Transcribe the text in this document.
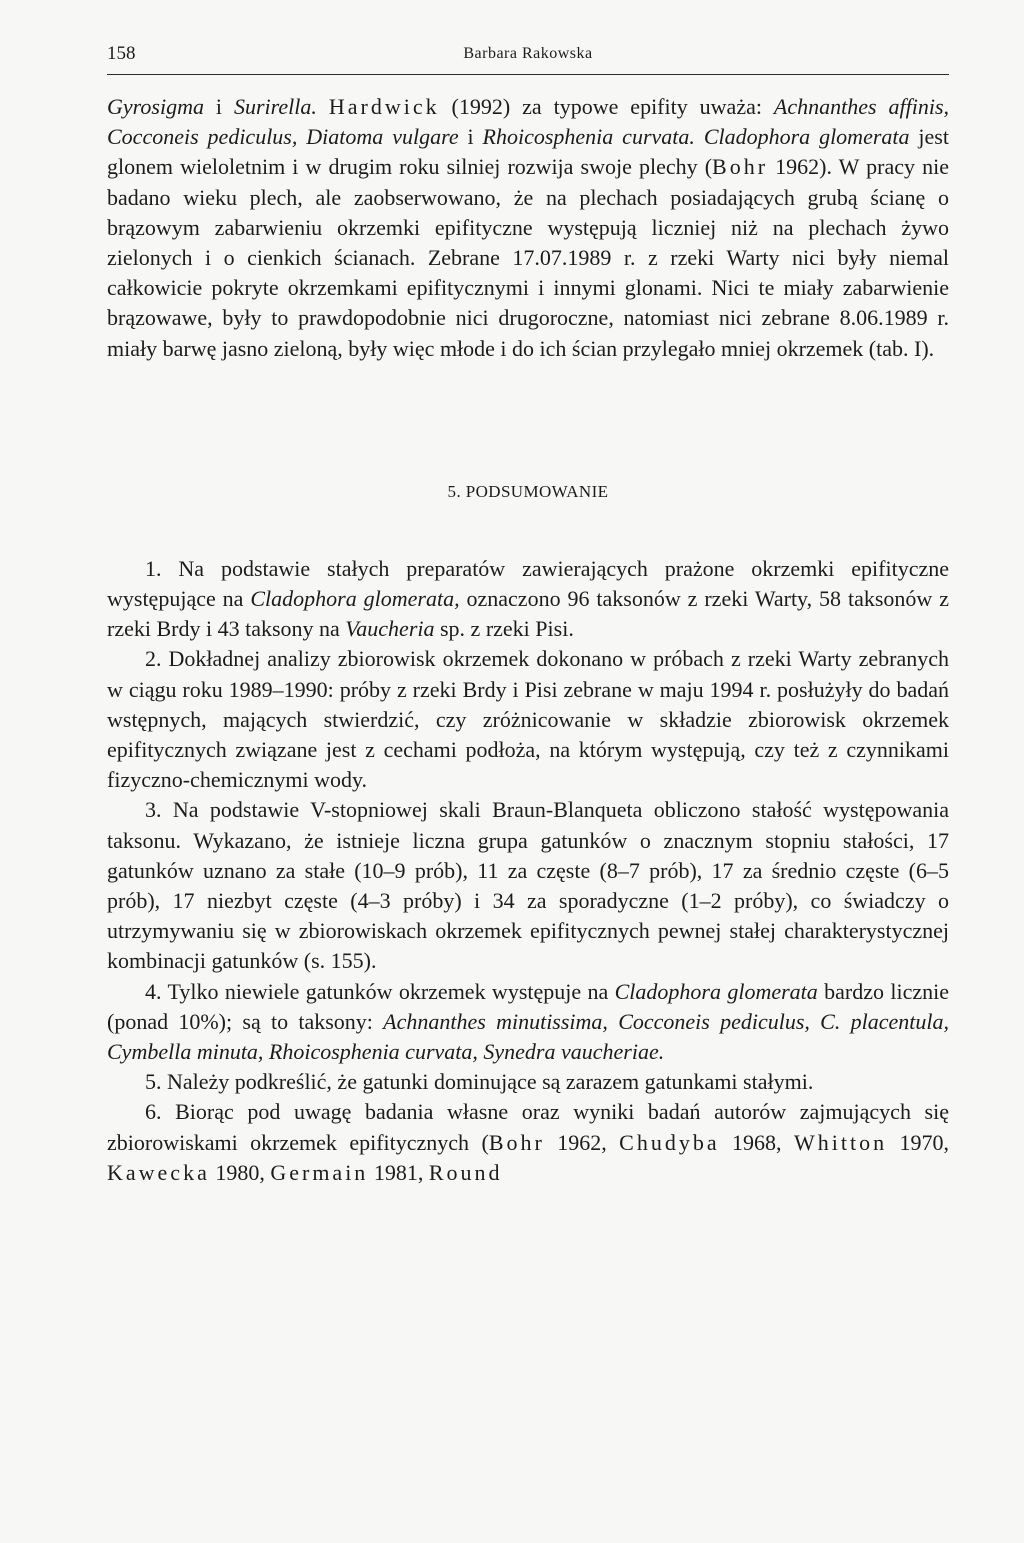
158	Barbara Rakowska

Gyrosigma i Surirella. Hardwick (1992) za typowe epifity uważa: Achnanthes affinis, Cocconeis pediculus, Diatoma vulgare i Rhoicosphenia curvata. Cladophora glomerata jest glonem wieloletnim i w drugim roku silniej rozwija swoje plechy (Bohr 1962). W pracy nie badano wieku plech, ale zaobserwowano, że na plechach posiadających grubą ścianę o brązowym zabarwieniu okrzemki epifityczne występują liczniej niż na plechach żywo zielonych i o cienkich ścianach. Zebrane 17.07.1989 r. z rzeki Warty nici były niemal całkowicie pokryte okrzemkami epifitycznymi i innymi glonami. Nici te miały zabarwienie brązowawe, były to prawdopodobnie nici drugoroczne, natomiast nici zebrane 8.06.1989 r. miały barwę jasno zieloną, były więc młode i do ich ścian przylegało mniej okrzemek (tab. I).

5. PODSUMOWANIE

1. Na podstawie stałych preparatów zawierających prażone okrzemki epifityczne występujące na Cladophora glomerata, oznaczono 96 taksonów z rzeki Warty, 58 taksonów z rzeki Brdy i 43 taksony na Vaucheria sp. z rzeki Pisi.

2. Dokładnej analizy zbiorowisk okrzemek dokonano w próbach z rzeki Warty zebranych w ciągu roku 1989–1990: próby z rzeki Brdy i Pisi zebrane w maju 1994 r. posłużyły do badań wstępnych, mających stwierdzić, czy zróżnicowanie w składzie zbiorowisk okrzemek epifitycznych związane jest z cechami podłoża, na którym występują, czy też z czynnikami fizyczno-chemicznymi wody.

3. Na podstawie V-stopniowej skali Braun-Blanqueta obliczono stałość występowania taksonu. Wykazano, że istnieje liczna grupa gatunków o znacznym stopniu stałości, 17 gatunków uznano za stałe (10–9 prób), 11 za częste (8–7 prób), 17 za średnio częste (6–5 prób), 17 niezbyt częste (4–3 próby) i 34 za sporadyczne (1–2 próby), co świadczy o utrzymywaniu się w zbiorowiskach okrzemek epifitycznych pewnej stałej charakterystycznej kombinacji gatunków (s. 155).

4. Tylko niewiele gatunków okrzemek występuje na Cladophora glomerata bardzo licznie (ponad 10%); są to taksony: Achnanthes minutissima, Cocconeis pediculus, C. placentula, Cymbella minuta, Rhoicosphenia curvata, Synedra vaucheriae.

5. Należy podkreślić, że gatunki dominujące są zarazem gatunkami stałymi.

6. Biorąc pod uwagę badania własne oraz wyniki badań autorów zajmujących się zbiorowiskami okrzemek epifitycznych (Bohr 1962, Chudyba 1968, Whitton 1970, Kawecka 1980, Germain 1981, Round
